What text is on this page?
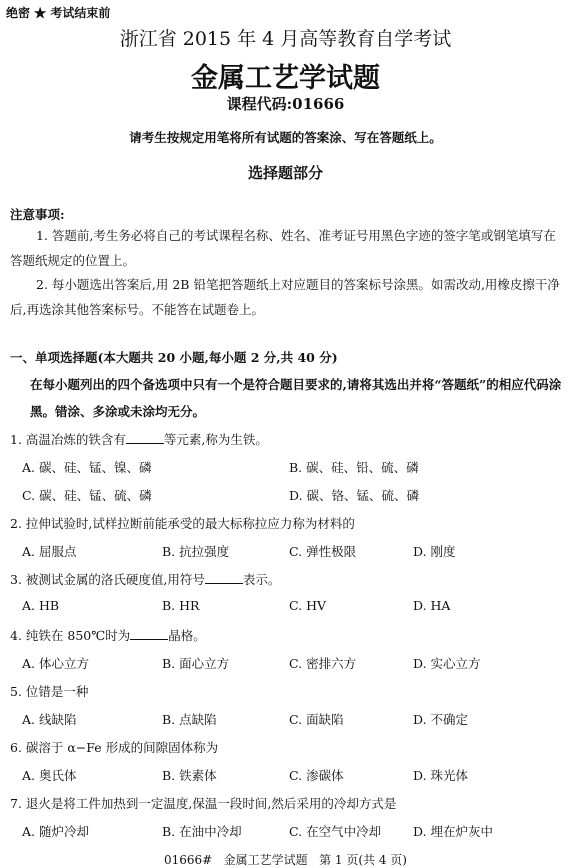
绝密 ★ 考试结束前
浙江省 2015 年 4 月高等教育自学考试
金属工艺学试题
课程代码:01666
请考生按规定用笔将所有试题的答案涂、写在答题纸上。
选择题部分
注意事项:
1. 答题前,考生务必将自己的考试课程名称、姓名、准考证号用黑色字迹的签字笔或钢笔填写在答题纸规定的位置上。
2. 每小题选出答案后,用 2B 铅笔把答题纸上对应题目的答案标号涂黑。如需改动,用橡皮擦干净后,再选涂其他答案标号。不能答在试题卷上。
一、单项选择题(本大题共 20 小题,每小题 2 分,共 40 分)
在每小题列出的四个备选项中只有一个是符合题目要求的,请将其选出并将“答题纸”的相应代码涂黑。错涂、多涂或未涂均无分。
1. 高温冶炼的铁含有	等元素,称为生铁。
A. 碳、硅、锰、镍、磷	B. 碳、硅、铅、硫、磷
C. 碳、硅、锰、硫、磷	D. 碳、铬、锰、硫、磷
2. 拉伸试验时,试样拉断前能承受的最大标称拉应力称为材料的
A. 屈服点	B. 抗拉强度	C. 弹性极限	D. 刚度
3. 被测试金属的洛氏硬度值,用符号	表示。
A. HB	B. HR	C. HV	D. HA
4. 纯铁在 850℃时为	晶格。
A. 体心立方	B. 面心立方	C. 密排六方	D. 实心立方
5. 位错是一种
A. 线缺陷	B. 点缺陷	C. 面缺陷	D. 不确定
6. 碳溶于 α−Fe 形成的间隙固体称为
A. 奥氏体	B. 铁素体	C. 渗碳体	D. 珠光体
7. 退火是将工件加热到一定温度,保温一段时间,然后采用的冷却方式是
A. 随炉冷却	B. 在油中冷却	C. 在空气中冷却	D. 埋在炉灰中
01666#   金属工艺学试题   第 1 页(共 4 页)
